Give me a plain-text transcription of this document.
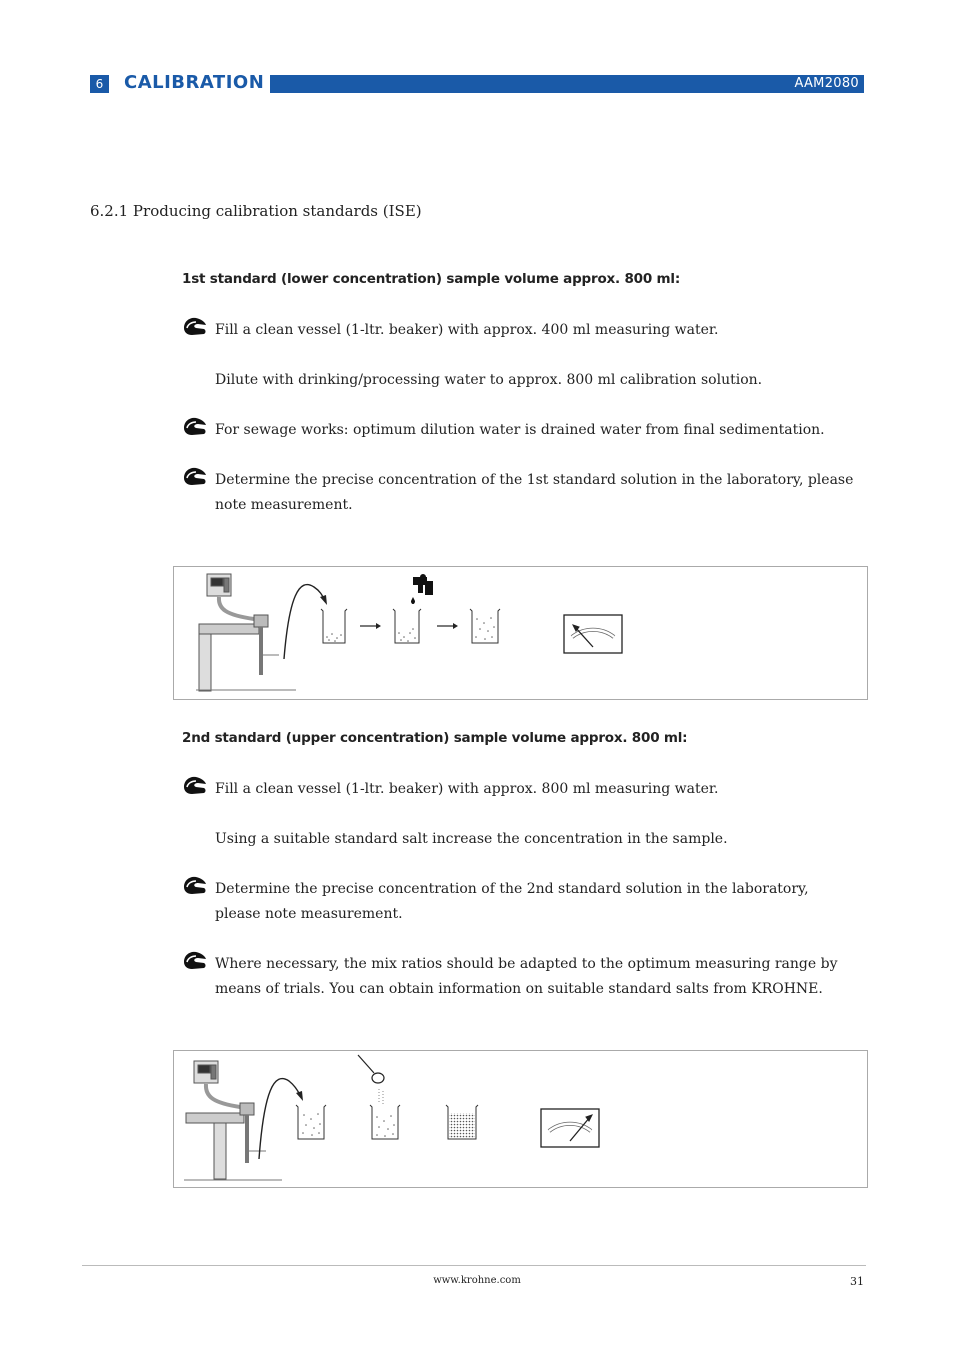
6	CALIBRATION	AAM2080
6.2.1 Producing calibration standards (ISE)
1st standard (lower concentration) sample volume approx. 800 ml:
Fill a clean vessel (1-ltr. beaker) with approx. 400 ml measuring water.
Dilute with drinking/processing water to approx. 800 ml calibration solution.
For sewage works: optimum dilution water is drained water from final sedimentation.
Determine the precise concentration of the 1st standard solution in the laboratory, please note measurement.
2nd standard (upper concentration) sample volume approx. 800 ml:
Fill a clean vessel (1-ltr. beaker) with approx. 800 ml measuring water.
Using a suitable standard salt increase the concentration in the sample.
Determine the precise concentration of the 2nd standard solution in the laboratory, please note measurement.
Where necessary, the mix ratios should be adapted to the optimum measuring range by means of trials. You can obtain information on suitable standard salts from KROHNE.
www.krohne.com	31
